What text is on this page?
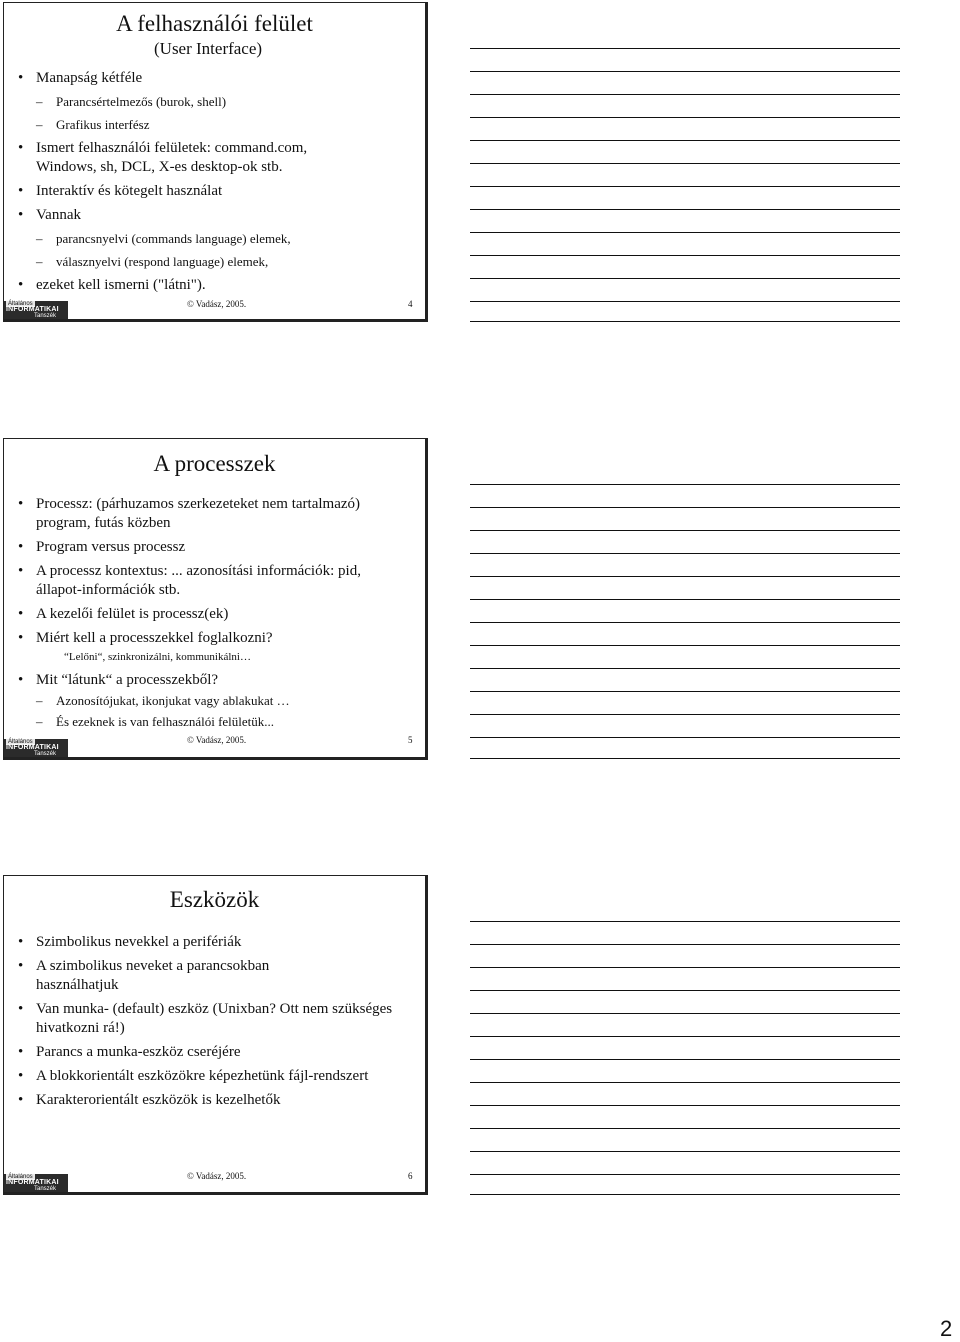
A felhasználói felület
(User Interface)
• Manapság kétféle
– Parancsértelmezős (burok, shell)
– Grafikus interfész
• Ismert felhasználói felületek: command.com, Windows, sh, DCL, X-es desktop-ok stb.
• Interaktív és kötegelt használat
• Vannak
– parancsnyelvi (commands language) elemek,
– válasznyelvi (respond language) elemek,
• ezeket kell ismerni ("látni").
Általános
INFORMATIKAI
Tanszék
© Vadász, 2005.	4
A processzek
• Processz: (párhuzamos szerkezeteket nem tartalmazó) program, futás közben
• Program versus processz
• A processz kontextus: ... azonosítási információk: pid, állapot-információk stb.
• A kezelői felület is processz(ek)
• Miért kell a processzekkel foglalkozni?
“Lelőni“, szinkronizálni, kommunikálni…
• Mit “látunk“ a processzekből?
– Azonosítójukat, ikonjukat vagy ablakukat …
– És ezeknek is van felhasználói felületük...
Általános
INFORMATIKAI
Tanszék
© Vadász, 2005.	5
Eszközök
• Szimbolikus nevekkel a perifériák
• A szimbolikus neveket a parancsokban használhatjuk
• Van munka- (default) eszköz (Unixban? Ott nem szükséges hivatkozni rá!)
• Parancs a munka-eszköz cseréjére
• A blokkorientált eszközökre képezhetünk fájl-rendszert
• Karakterorientált eszközök is kezelhetők
Általános
INFORMATIKAI
Tanszék
© Vadász, 2005.	6
2
